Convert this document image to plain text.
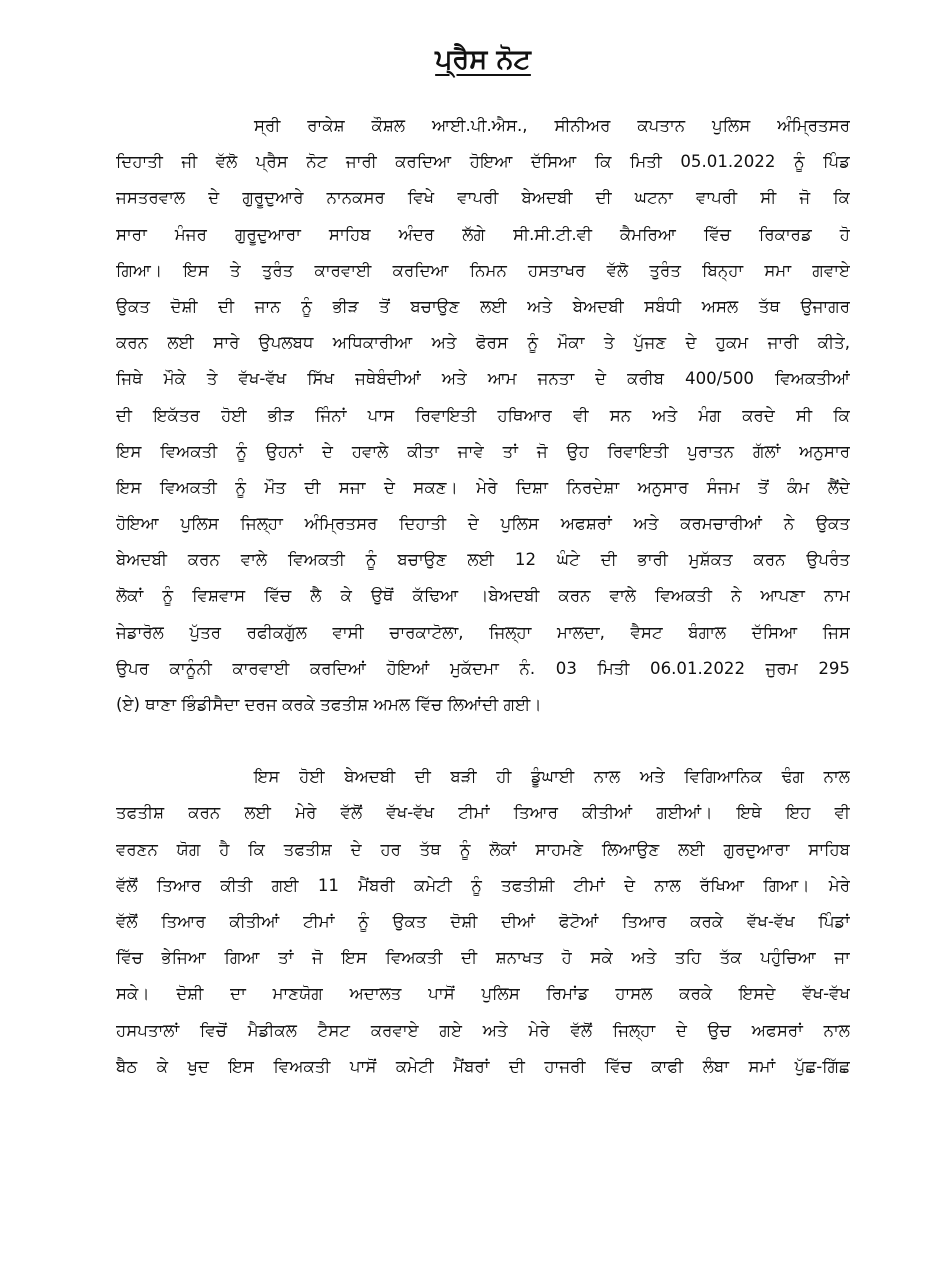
ਪ੍ਰੈਸ ਨੋਟ
ਸ੍ਰੀ ਰਾਕੇਸ਼ ਕੌਸ਼ਲ ਆਈ.ਪੀ.ਐਸ., ਸੀਨੀਅਰ ਕਪਤਾਨ ਪੁਲਿਸ ਅੰਮ੍ਰਿਤਸਰ
ਦਿਹਾਤੀ ਜੀ ਵੱਲੋ ਪ੍ਰੈਸ ਨੋਟ ਜਾਰੀ ਕਰਦਿਆ ਹੋਇਆ ਦੱਸਿਆ ਕਿ ਮਿਤੀ 05.01.2022 ਨੂੰ ਪਿੰਡ
ਜਸਤਰਵਾਲ ਦੇ ਗੁਰੂਦੁਆਰੇ ਨਾਨਕਸਰ ਵਿਖੇ ਵਾਪਰੀ ਬੇਅਦਬੀ ਦੀ ਘਟਨਾ ਵਾਪਰੀ ਸੀ ਜੋ ਕਿ
ਸਾਰਾ ਮੰਜਰ ਗੁਰੂਦੁਆਰਾ ਸਾਹਿਬ ਅੰਦਰ ਲੱਗੇ ਸੀ.ਸੀ.ਟੀ.ਵੀ ਕੈਮਰਿਆ ਵਿੱਚ ਰਿਕਾਰਡ ਹੋ
ਗਿਆ। ਇਸ ਤੇ ਤੁਰੰਤ ਕਾਰਵਾਈ ਕਰਦਿਆ ਨਿਮਨ ਹਸਤਾਖਰ ਵੱਲੋ ਤੁਰੰਤ ਬਿਨ੍ਹਾ ਸਮਾ ਗਵਾਏ
ਉਕਤ ਦੋਸ਼ੀ ਦੀ ਜਾਨ ਨੂੰ ਭੀੜ ਤੋਂ ਬਚਾਉਣ ਲਈ ਅਤੇ ਬੇਅਦਬੀ ਸਬੰਧੀ ਅਸਲ ਤੱਥ ਉਜਾਗਰ
ਕਰਨ ਲਈ ਸਾਰੇ ਉਪਲਬਧ ਅਧਿਕਾਰੀਆ ਅਤੇ ਫੋਰਸ ਨੂੰ ਮੌਕਾ ਤੇ ਪੁੱਜਣ ਦੇ ਹੁਕਮ ਜਾਰੀ ਕੀਤੇ,
ਜਿਥੇ ਮੌਕੇ ਤੇ ਵੱਖ-ਵੱਖ ਸਿੱਖ ਜਥੇਬੰਦੀਆਂ ਅਤੇ ਆਮ ਜਨਤਾ ਦੇ ਕਰੀਬ 400/500 ਵਿਅਕਤੀਆਂ
ਦੀ ਇਕੱਤਰ ਹੋਈ ਭੀੜ ਜਿੰਨਾਂ ਪਾਸ ਰਿਵਾਇਤੀ ਹਥਿਆਰ ਵੀ ਸਨ ਅਤੇ ਮੰਗ ਕਰਦੇ ਸੀ ਕਿ
ਇਸ ਵਿਅਕਤੀ ਨੂੰ ਉਹਨਾਂ ਦੇ ਹਵਾਲੇ ਕੀਤਾ ਜਾਵੇ ਤਾਂ ਜੋ ਉਹ ਰਿਵਾਇਤੀ ਪੁਰਾਤਨ ਗੱਲਾਂ ਅਨੁਸਾਰ
ਇਸ ਵਿਅਕਤੀ ਨੂੰ ਮੌਤ ਦੀ ਸਜਾ ਦੇ ਸਕਣ। ਮੇਰੇ ਦਿਸ਼ਾ ਨਿਰਦੇਸ਼ਾ ਅਨੁਸਾਰ ਸੰਜਮ ਤੋਂ ਕੰਮ ਲੈਂਦੇ
ਹੋਇਆ ਪੁਲਿਸ ਜਿਲ੍ਹਾ ਅੰਮ੍ਰਿਤਸਰ ਦਿਹਾਤੀ ਦੇ ਪੁਲਿਸ ਅਫਸ਼ਰਾਂ ਅਤੇ ਕਰਮਚਾਰੀਆਂ ਨੇ ਉਕਤ
ਬੇਅਦਬੀ ਕਰਨ ਵਾਲੇ ਵਿਅਕਤੀ ਨੂੰ ਬਚਾਉਣ ਲਈ 12 ਘੰਟੇ ਦੀ ਭਾਰੀ ਮੁਸ਼ੱਕਤ ਕਰਨ ਉਪਰੰਤ
ਲੋਕਾਂ ਨੂੰ ਵਿਸ਼ਵਾਸ ਵਿੱਚ ਲੈ ਕੇ ਉਥੋਂ ਕੱਢਿਆ ।ਬੇਅਦਬੀ ਕਰਨ ਵਾਲੇ ਵਿਅਕਤੀ ਨੇ ਆਪਣਾ ਨਾਮ
ਜੇਡਾਰੋਲ ਪੁੱਤਰ ਰਫੀਕਗੁੱਲ ਵਾਸੀ ਚਾਰਕਾਟੋਲਾ, ਜਿਲ੍ਹਾ ਮਾਲਦਾ, ਵੈਸਟ ਬੰਗਾਲ ਦੱਸਿਆ ਜਿਸ
ਉਪਰ ਕਾਨੂੰਨੀ ਕਾਰਵਾਈ ਕਰਦਿਆਂ ਹੋਇਆਂ ਮੁਕੱਦਮਾ ਨੰ. 03 ਮਿਤੀ 06.01.2022 ਜੁਰਮ 295
(ਏ) ਥਾਣਾ ਭਿੰਡੀਸੈਦਾ ਦਰਜ ਕਰਕੇ ਤਫਤੀਸ਼ ਅਮਲ ਵਿੱਚ ਲਿਆਂਦੀ ਗਈ।
ਇਸ ਹੋਈ ਬੇਅਦਬੀ ਦੀ ਬੜੀ ਹੀ ਡੂੰਘਾਈ ਨਾਲ ਅਤੇ ਵਿਗਿਆਨਿਕ ਢੰਗ ਨਾਲ
ਤਫਤੀਸ਼ ਕਰਨ ਲਈ ਮੇਰੇ ਵੱਲੋਂ ਵੱਖ-ਵੱਖ ਟੀਮਾਂ ਤਿਆਰ ਕੀਤੀਆਂ ਗਈਆਂ। ਇਥੇ ਇਹ ਵੀ
ਵਰਣਨ ਯੋਗ ਹੈ ਕਿ ਤਫਤੀਸ਼ ਦੇ ਹਰ ਤੱਥ ਨੂੰ ਲੋਕਾਂ ਸਾਹਮਣੇ ਲਿਆਉਣ ਲਈ ਗੁਰਦੁਆਰਾ ਸਾਹਿਬ
ਵੱਲੋਂ ਤਿਆਰ ਕੀਤੀ ਗਈ 11 ਮੈਂਬਰੀ ਕਮੇਟੀ ਨੂੰ ਤਫਤੀਸ਼ੀ ਟੀਮਾਂ ਦੇ ਨਾਲ ਰੱਖਿਆ ਗਿਆ। ਮੇਰੇ
ਵੱਲੋਂ ਤਿਆਰ ਕੀਤੀਆਂ ਟੀਮਾਂ ਨੂੰ ਉਕਤ ਦੋਸ਼ੀ ਦੀਆਂ ਫੋਟੋਆਂ ਤਿਆਰ ਕਰਕੇ ਵੱਖ-ਵੱਖ ਪਿੰਡਾਂ
ਵਿੱਚ ਭੇਜਿਆ ਗਿਆ ਤਾਂ ਜੋ ਇਸ ਵਿਅਕਤੀ ਦੀ ਸ਼ਨਾਖਤ ਹੋ ਸਕੇ ਅਤੇ ਤਹਿ ਤੱਕ ਪਹੁੰਚਿਆ ਜਾ
ਸਕੇ। ਦੋਸ਼ੀ ਦਾ ਮਾਣਯੋਗ ਅਦਾਲਤ ਪਾਸੋਂ ਪੁਲਿਸ ਰਿਮਾਂਡ ਹਾਸਲ ਕਰਕੇ ਇਸਦੇ ਵੱਖ-ਵੱਖ
ਹਸਪਤਾਲਾਂ ਵਿਚੋਂ ਮੈਡੀਕਲ ਟੈਸਟ ਕਰਵਾਏ ਗਏ ਅਤੇ ਮੇਰੇ ਵੱਲੋਂ ਜਿਲ੍ਹਾ ਦੇ ਉਚ ਅਫਸਰਾਂ ਨਾਲ
ਬੈਠ ਕੇ ਖੁਦ ਇਸ ਵਿਅਕਤੀ ਪਾਸੋਂ ਕਮੇਟੀ ਮੈਂਬਰਾਂ ਦੀ ਹਾਜਰੀ ਵਿੱਚ ਕਾਫੀ ਲੰਬਾ ਸਮਾਂ ਪੁੱਛ-ਗਿੱਛ
